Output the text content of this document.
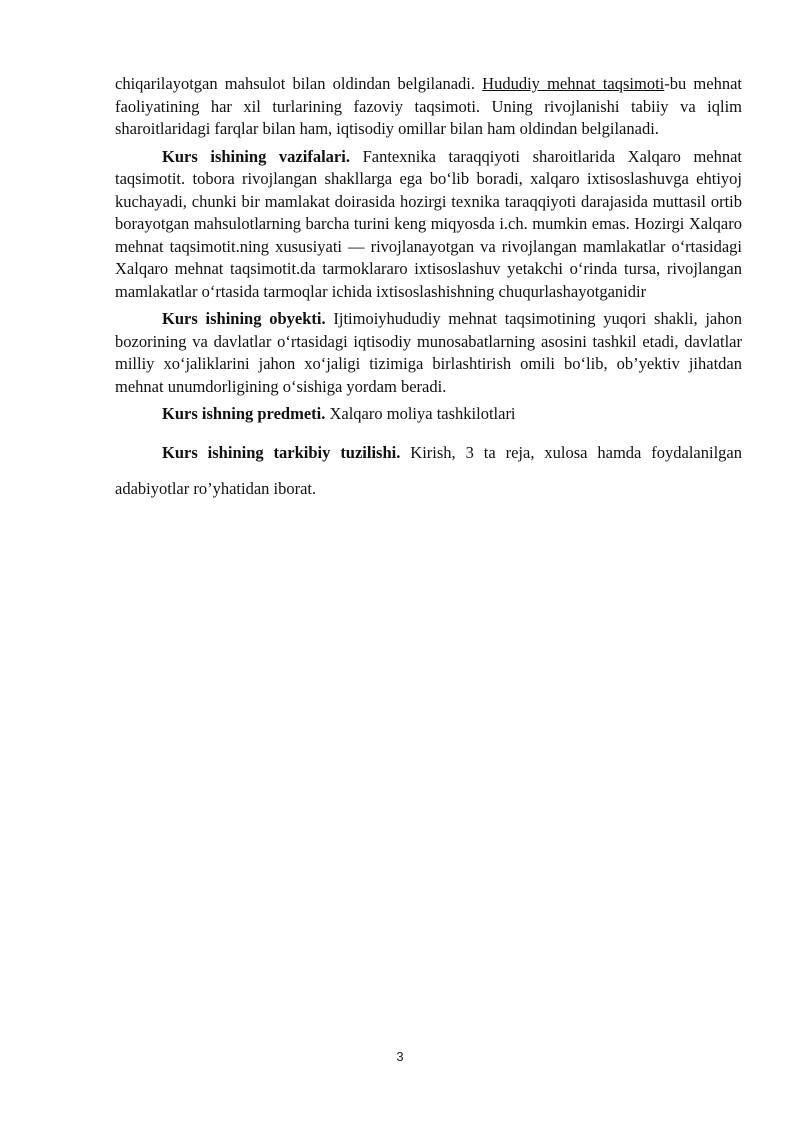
chiqarilayotgan mahsulot bilan oldindan belgilanadi. Hududiy mehnat taqsimoti-bu mehnat faoliyatining har xil turlarining fazoviy taqsimoti. Uning rivojlanishi tabiiy va iqlim sharoitlaridagi farqlar bilan ham, iqtisodiy omillar bilan ham oldindan belgilanadi.

Kurs ishining vazifalari. Fantexnika taraqqiyoti sharoitlarida Xalqaro mehnat taqsimotit. tobora rivojlangan shakllarga ega bo‘lib boradi, xalqaro ixtisoslashuvga ehtiyoj kuchayadi, chunki bir mamlakat doirasida hozirgi texnika taraqqiyoti darajasida muttasil ortib borayotgan mahsulotlarning barcha turini keng miqyosda i.ch. mumkin emas. Hozirgi Xalqaro mehnat taqsimotit.ning xususiyati — rivojlanayotgan va rivojlangan mamlakatlar o‘rtasidagi Xalqaro mehnat taqsimotit.da tarmoklararo ixtisoslashuv yetakchi o‘rinda tursa, rivojlangan mamlakatlar o‘rtasida tarmoqlar ichida ixtisoslashishning chuqurlashayotganidir

Kurs ishining obyekti. Ijtimoiyhududiy mehnat taqsimotining yuqori shakli, jahon bozorining va davlatlar o‘rtasidagi iqtisodiy munosabatlarning asosini tashkil etadi, davlatlar milliy xo‘jaliklarini jahon xo‘jaligi tizimiga birlashtirish omili bo‘lib, ob’yektiv jihatdan mehnat unumdorligining o‘sishiga yordam beradi.

Kurs ishning predmeti. Xalqaro moliya tashkilotlari

Kurs ishining tarkibiy tuzilishi. Kirish, 3 ta reja, xulosa hamda foydalanilgan adabiyotlar ro’yhatidan iborat.

3
